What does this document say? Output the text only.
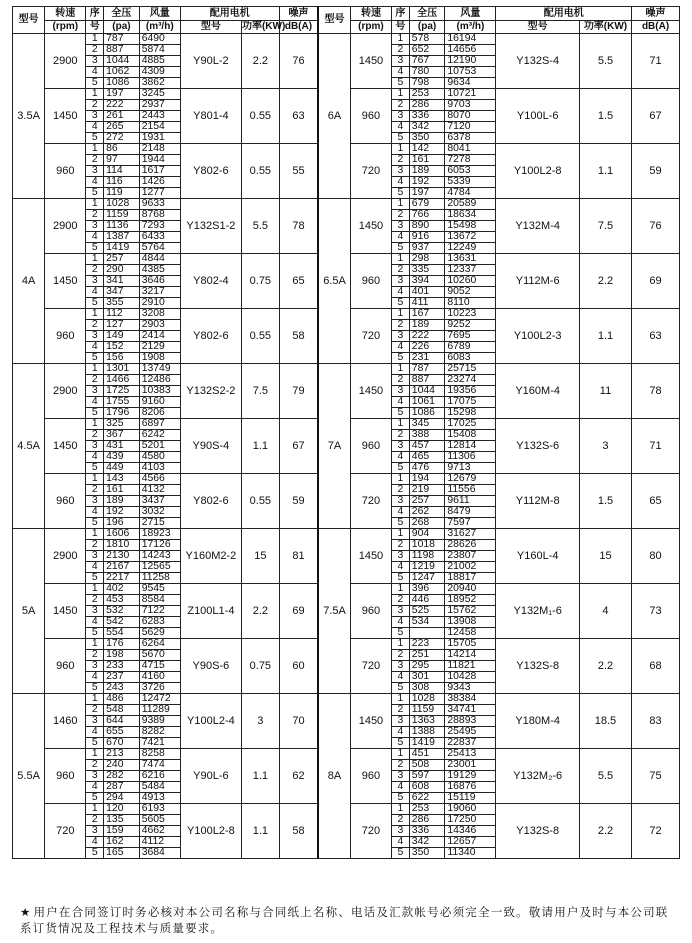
型号	转速	序	全压	风量	配用电机		噪声	型号	转速	序	全压	风量	配用电机		噪声
	(rpm)	号	(pa)	(m³/h)	型号	功率(KW)	dB(A)		(rpm)	号	(pa)	(m³/h)	型号	功率(KW)	dB(A)
3.5A	2900	1	787	6490	Y90L-2	2.2	76	6A	1450	1	578	16194	Y132S-4	5.5	71
		2	887	5874						2	652	14656			
		3	1044	4885						3	767	12190			
		4	1062	4309						4	780	10753			
		5	1086	3862						5	798	9634			
	1450	1	197	3245	Y801-4	0.55	63		960	1	253	10721	Y100L-6	1.5	67
		2	222	2937						2	286	9703			
		3	261	2443						3	336	8070			
		4	265	2154						4	342	7120			
		5	272	1931						5	350	6378			
	960	1	86	2148	Y802-6	0.55	55		720	1	142	8041	Y100L2-8	1.1	59
		2	97	1944						2	161	7278			
		3	114	1617						3	189	6053			
		4	116	1426						4	192	5339			
		5	119	1277						5	197	4784			
4A	2900	1	1028	9633	Y132S1-2	5.5	78	6.5A	1450	1	679	20589	Y132M-4	7.5	76
		2	1159	8768						2	766	18634			
		3	1136	7293						3	890	15498			
		4	1387	6433						4	916	13672			
		5	1419	5764						5	937	12249			
	1450	1	257	4844	Y802-4	0.75	65		960	1	298	13631	Y112M-6	2.2	69
		2	290	4385						2	335	12337			
		3	341	3646						3	394	10260			
		4	347	3217						4	401	9052			
		5	355	2910						5	411	8110			
	960	1	112	3208	Y802-6	0.55	58		720	1	167	10223	Y100L2-3	1.1	63
		2	127	2903						2	189	9252			
		3	149	2414						3	222	7695			
		4	152	2129						4	226	6789			
		5	156	1908						5	231	6083			
4.5A	2900	1	1301	13749	Y132S2-2	7.5	79	7A	1450	1	787	25715	Y160M-4	11	78
		2	1466	12486						2	887	23274			
		3	1725	10383						3	1044	19356			
		4	1755	9160						4	1061	17075			
		5	1796	8206						5	1086	15298			
	1450	1	325	6897	Y90S-4	1.1	67		960	1	345	17025	Y132S-6	3	71
		2	367	6242						2	388	15408			
		3	431	5201						3	457	12814			
		4	439	4580						4	465	11306			
		5	449	4103						5	476	9713			
	960	1	143	4566	Y802-6	0.55	59		720	1	194	12679	Y112M-8	1.5	65
		2	161	4132						2	219	11556			
		3	189	3437						3	257	9611			
		4	192	3032						4	262	8479			
		5	196	2715						5	268	7597			
5A	2900	1	1606	18923	Y160M2-2	15	81	7.5A	1450	1	904	31627	Y160L-4	15	80
		2	1810	17126						2	1018	28626			
		3	2130	14243						3	1198	23807			
		4	2167	12565						4	1219	21002			
		5	2217	11258						5	1247	18817			
	1450	1	402	9545	Z100L1-4	2.2	69		960	1	396	20940	Y132M₁-6	4	73
		2	453	8584						2	446	18952			
		3	532	7122						3	525	15762			
		4	542	6283						4	534	13908			
		5	554	5629						5		12458			
	960	1	176	6264	Y90S-6	0.75	60		720	1	223	15705	Y132S-8	2.2	68
		2	198	5670						2	251	14214			
		3	233	4715						3	295	11821			
		4	237	4160						4	301	10428			
		5	243	3726						5	308	9343			
5.5A	1460	1	486	12472	Y100L2-4	3	70	8A	1450	1	1028	38384	Y180M-4	18.5	83
		2	548	11289						2	1159	34741			
		3	644	9389						3	1363	28893			
		4	655	8282						4	1388	25495			
		5	670	7421						5	1419	22837			
	960	1	213	8258	Y90L-6	1.1	62		960	1	451	25413	Y132M₂-6	5.5	75
		2	240	7474						2	508	23001			
		3	282	6216						3	597	19129			
		4	287	5484						4	608	16876			
		5	294	4913						5	622	15119			
	720	1	120	6193	Y100L2-8	1.1	58		720	1	253	19060	Y132S-8	2.2	72
		2	135	5605						2	286	17250			
		3	159	4662						3	336	14346			
		4	162	4112						4	342	12657			
		5	165	3684						5	350	11340			
★ 用户在合同签订时务必核对本公司名称与合同纸上名称、电话及汇款帐号必须完全一致。敬请用户及时与本公司联系订货情况及工程技术与质量要求。
